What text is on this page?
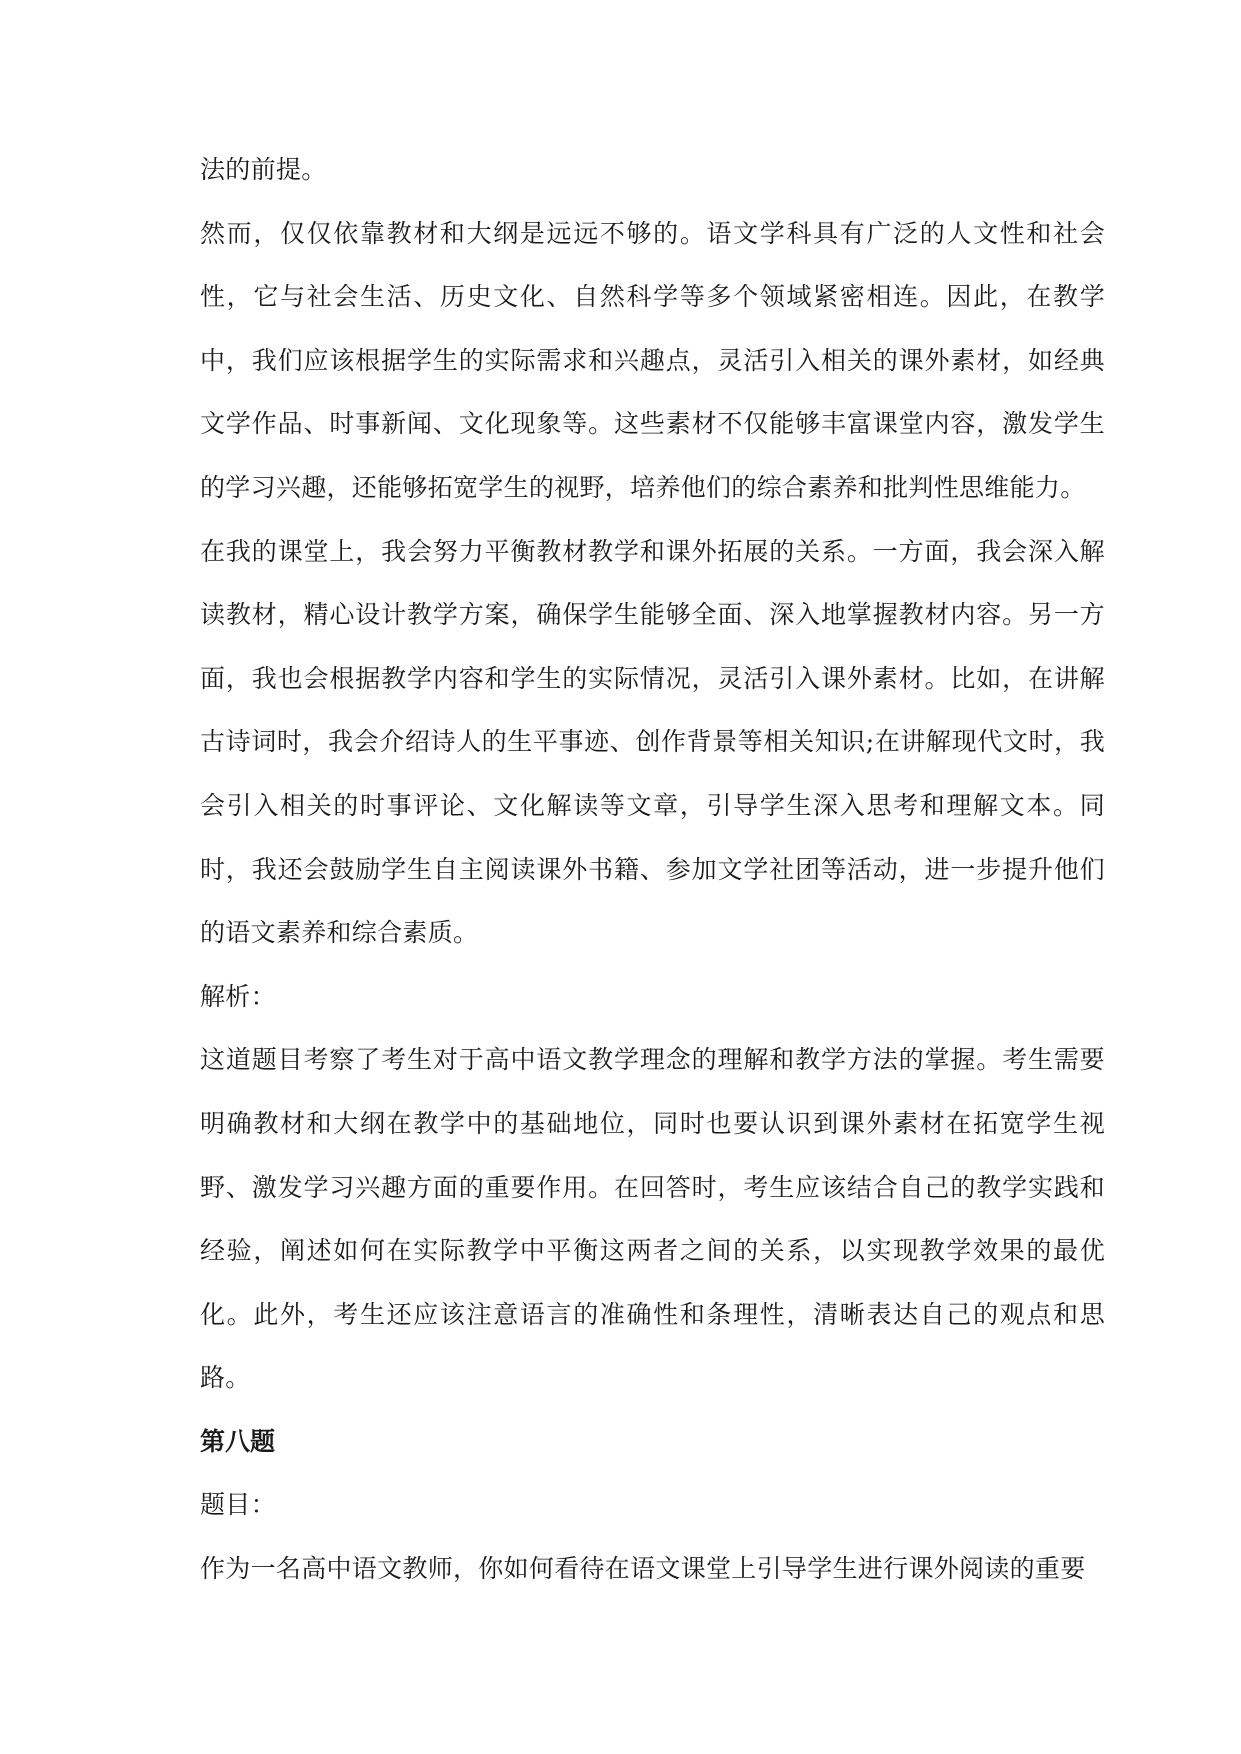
法的前提。

然而，仅仅依靠教材和大纲是远远不够的。语文学科具有广泛的人文性和社会性，它与社会生活、历史文化、自然科学等多个领域紧密相连。因此，在教学中，我们应该根据学生的实际需求和兴趣点，灵活引入相关的课外素材，如经典文学作品、时事新闻、文化现象等。这些素材不仅能够丰富课堂内容，激发学生的学习兴趣，还能够拓宽学生的视野，培养他们的综合素养和批判性思维能力。

在我的课堂上，我会努力平衡教材教学和课外拓展的关系。一方面，我会深入解读教材，精心设计教学方案，确保学生能够全面、深入地掌握教材内容。另一方面，我也会根据教学内容和学生的实际情况，灵活引入课外素材。比如，在讲解古诗词时，我会介绍诗人的生平事迹、创作背景等相关知识;在讲解现代文时，我会引入相关的时事评论、文化解读等文章，引导学生深入思考和理解文本。同时，我还会鼓励学生自主阅读课外书籍、参加文学社团等活动，进一步提升他们的语文素养和综合素质。

解析：

这道题目考察了考生对于高中语文教学理念的理解和教学方法的掌握。考生需要明确教材和大纲在教学中的基础地位，同时也要认识到课外素材在拓宽学生视野、激发学习兴趣方面的重要作用。在回答时，考生应该结合自己的教学实践和经验，阐述如何在实际教学中平衡这两者之间的关系，以实现教学效果的最优化。此外，考生还应该注意语言的准确性和条理性，清晰表达自己的观点和思路。

第八题

题目：

作为一名高中语文教师，你如何看待在语文课堂上引导学生进行课外阅读的重要
